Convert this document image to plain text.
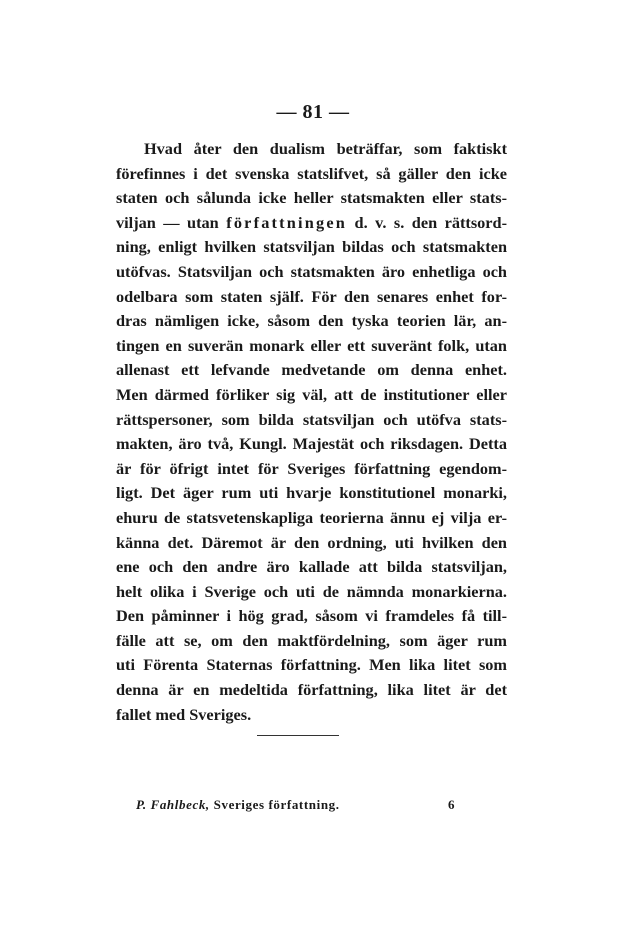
— 81 —
Hvad åter den dualism beträffar, som faktiskt
förefinnes i det svenska statslifvet, så gäller den icke
staten och sålunda icke heller statsmakten eller stats-
viljan — utan författningen d. v. s. den rättsord-
ning, enligt hvilken statsviljan bildas och statsmakten
utöfvas. Statsviljan och statsmakten äro enhetliga och
odelbara som staten själf. För den senares enhet for-
dras nämligen icke, såsom den tyska teorien lär, an-
tingen en suverän monark eller ett suveränt folk, utan
allenast ett lefvande medvetande om denna enhet.
Men därmed förliker sig väl, att de institutioner eller
rättspersoner, som bilda statsviljan och utöfva stats-
makten, äro två, Kungl. Majestät och riksdagen. Detta
är för öfrigt intet för Sveriges författning egendom-
ligt. Det äger rum uti hvarje konstitutionel monarki,
ehuru de statsvetenskapliga teorierna ännu ej vilja er-
känna det. Däremot är den ordning, uti hvilken den
ene och den andre äro kallade att bilda statsviljan,
helt olika i Sverige och uti de nämnda monarkierna.
Den påminner i hög grad, såsom vi framdeles få till-
fälle att se, om den maktfördelning, som äger rum
uti Förenta Staternas författning. Men lika litet som
denna är en medeltida författning, lika litet är det
fallet med Sveriges.
P. Fahlbeck, Sveriges författning.	6
